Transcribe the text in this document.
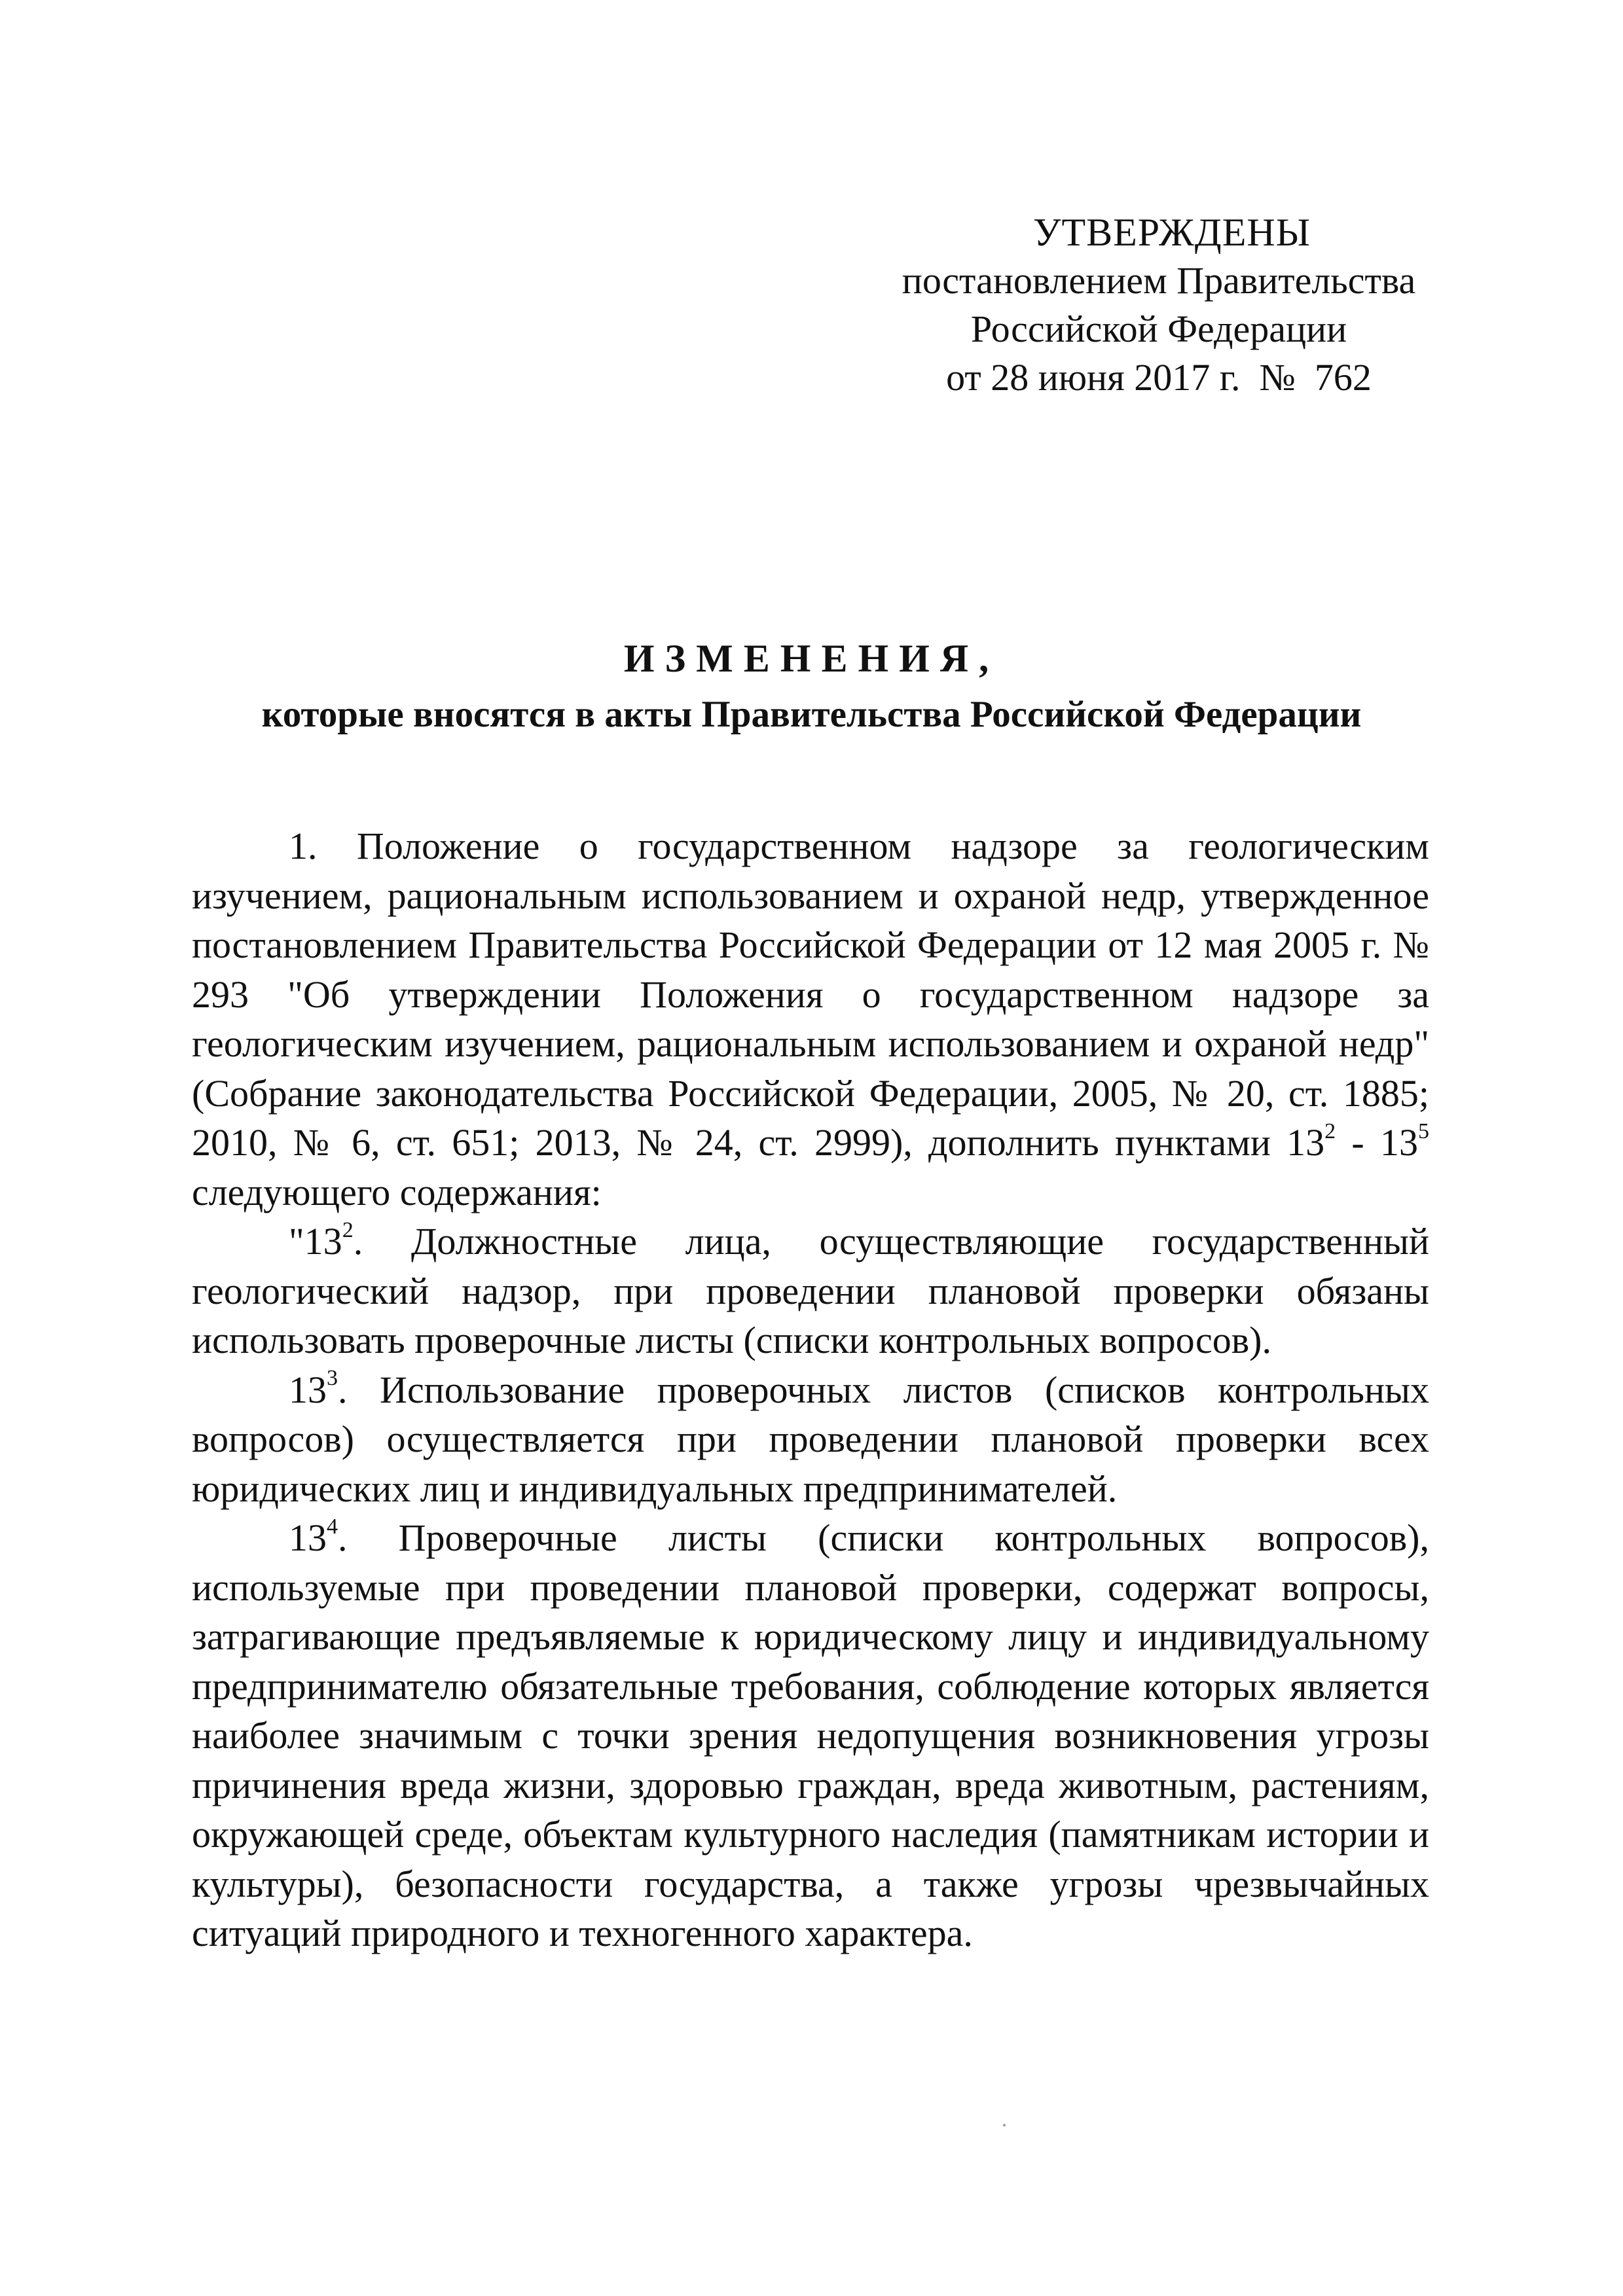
УТВЕРЖДЕНЫ
постановлением Правительства
Российской Федерации
от 28 июня 2017 г. № 762
ИЗМЕНЕНИЯ,
которые вносятся в акты Правительства Российской Федерации

1. Положение о государственном надзоре за геологическим изучением, рациональным использованием и охраной недр, утвержденное постановлением Правительства Российской Федерации от 12 мая 2005 г. № 293 "Об утверждении Положения о государственном надзоре за геологическим изучением, рациональным использованием и охраной недр" (Собрание законодательства Российской Федерации, 2005, № 20, ст. 1885; 2010, № 6, ст. 651; 2013, № 24, ст. 2999), дополнить пунктами $13^2 - 13^5$ следующего содержания:

"$13^2$. Должностные лица, осуществляющие государственный геологический надзор, при проведении плановой проверки обязаны использовать проверочные листы (списки контрольных вопросов).

$13^3$. Использование проверочных листов (списков контрольных вопросов) осуществляется при проведении плановой проверки всех юридических лиц и индивидуальных предпринимателей.

$13^4$. Проверочные листы (списки контрольных вопросов), используемые при проведении плановой проверки, содержат вопросы, затрагивающие предъявляемые к юридическому лицу и индивидуальному предпринимателю обязательные требования, соблюдение которых является наиболее значимым с точки зрения недопущения возникновения угрозы причинения вреда жизни, здоровью граждан, вреда животным, растениям, окружающей среде, объектам культурного наследия (памятникам истории и культуры), безопасности государства, а также угрозы чрезвычайных ситуаций природного и техногенного характера.
